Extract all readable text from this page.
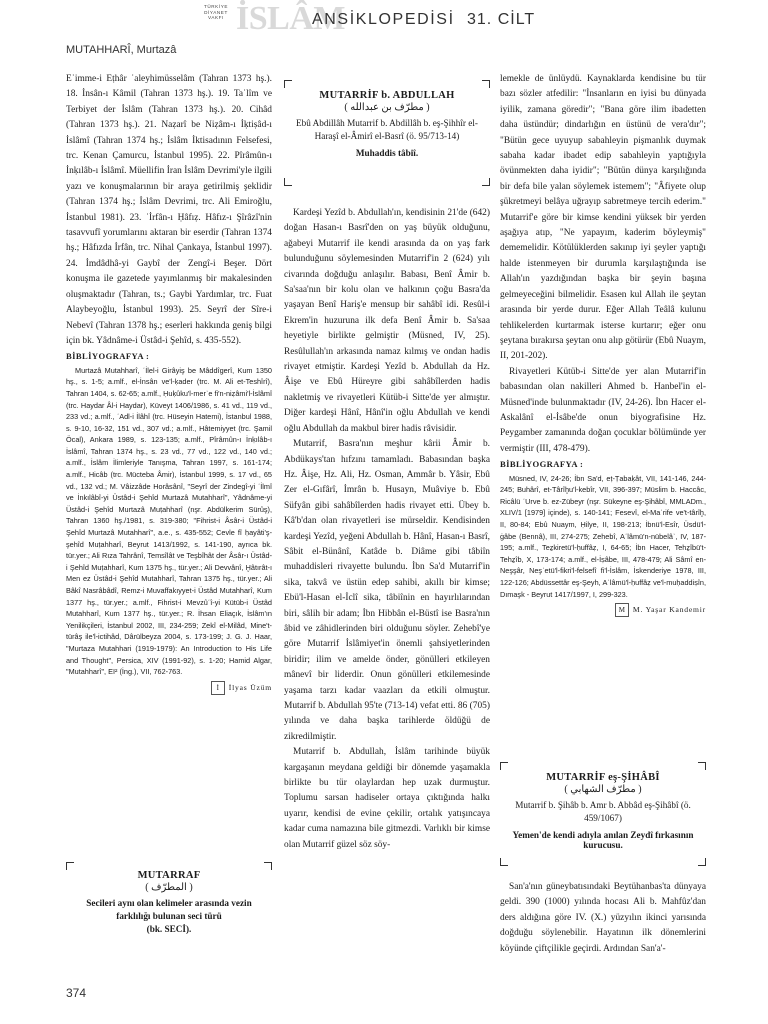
TÜRKİYE
DİYANET
VAKFI İSLÂM
ANSİKLOPEDİSİ 31. CİLT
MUTAHHARÎ, Murtazâ

Eʾimme-i Eṭhâr ʿaleyhimüsselâm (Tahran 1373 hş.). 18. İnsân-ı Kâmil (Tahran 1373 hş.). 19. Taʿlîm ve Terbiyet der İslâm (Tahran 1373 hş.). 20. Cihâd (Tahran 1373 hş.). 21. Naẓarî be Niẓâm-ı İḳtiṣâd-ı İslâmî (Tahran 1374 hş.; İslâm İktisadının Felsefesi, trc. Kenan Çamurcu, İstanbul 1995). 22. Pîrâmûn-ı İnḳılâb-ı İslâmî. Müellifin İran İslâm Devrimi'yle ilgili yazı ve konuşmalarının bir araya getirilmiş şeklidir (Tahran 1374 hş.; İslâm Devrimi, trc. Ali Emiroğlu, İstanbul 1981). 23. ʿİrfân-ı Ḥâfıẓ. Hâfız-ı Şîrâzî'nin tasavvufî yorumlarını aktaran bir eserdir (Tahran 1374 hş.; Hâfızda İrfân, trc. Nihal Çankaya, İstanbul 1997). 24. İmdâdhâ-yi Gaybî der Zengî-i Beşer. Dört konuşma ile gazetede yayımlanmış bir makalesinden oluşmaktadır (Tahran, ts.; Gaybi Yardımlar, trc. Fuat Alaybeyoğlu, İstanbul 1993). 25. Seyrî der Sîre-i Nebevî (Tahran 1378 hş.; eserleri hakkında geniş bilgi için bk. Yâdnâme-i Üstâd-i Şehîd, s. 435-552).

BİBLİYOGRAFYA :

Murtazâ Mutahharî, ʿİlel-i Girâyiş be Mâddîgerî, Kum 1350 hş., s. 1-5; a.mlf., el-İnsân ve'l-ḳader (trc. M. Ali et-Teshîrî), Tahran 1404, s. 62-65; a.mlf., Ḥuḳûku'l-merʾe fi'n-niẓâmi'l-İslâmî (trc. Haydar Âl-i Haydar), Küveyt 1406/1986, s. 41 vd., 119 vd., 233 vd.; a.mlf., ʿAdl-i İlâhî (trc. Hüseyin Hatemi), İstanbul 1988, s. 9-10, 16-32, 151 vd., 307 vd.; a.mlf., Hâtemiyyet (trc. Şamil Öcal), Ankara 1989, s. 123-135; a.mlf., Pîrâmûn-ı İnḳılâb-ı İslâmî, Tahran 1374 hş., s. 23 vd., 77 vd., 122 vd., 140 vd.; a.mlf., İslâm İlimleriyle Tanışma, Tahran 1997, s. 161-174; a.mlf., Hicâb (trc. Mücteba Âmir), İstanbul 1999, s. 17 vd., 65 vd., 132 vd.; M. Vâizzâde Horâsânî, "Seyrî der Zindegî-yi ʿİlmî ve İnkılâbî-yi Üstâd-i Şehîd Murtazâ Mutahharî", Yâdnâme-yi Üstâd-i Şehîd Murtazâ Muṭahharî (nşr. Abdülkerim Sürûş), Tahran 1360 hş./1981, s. 319-380; "Fihrist-i Âsâr-i Üstâd-i Şehîd Murtazâ Mutahharî", a.e., s. 435-552; Cevle fî ḥayâti'ş-şehîd Muṭahharî, Beyrut 1413/1992, s. 141-190, ayrıca bk. tür.yer.; Ali Rıza Tahrânî, Temsîlât ve Teşbîhât der Âsâr-ı Üstâd-i Şehîd Muṭahharî, Kum 1375 hş., tür.yer.; Ali Devvânî, Ḫâtırât-ı Men ez Üstâd-i Şehîd Mutahharî, Tahran 1375 hş., tür.yer.; Ali Bâkî Nasrâbâdî, Remz-i Muvaffakıyyet-i Üstâd Mutahharî, Kum 1377 hş., tür.yer.; a.mlf., Fihrist-i Mevzûʿî-yi Kütüb-i Üstâd Mutahharî, Kum 1377 hş., tür.yer.; R. İhsan Eliaçık, İslâm'ın Yenilikçileri, İstanbul 2002, III, 234-259; Zekî el-Milâd, Mine't-türâş ile'l-ictihâd, Dârülbeyza 2004, s. 173-199; J. G. J. Haar, "Murtaza Mutahhari (1919-1979): An Introduction to His Life and Thought", Persica, XIV (1991-92), s. 1-20; Hamid Algar, "Mutahharî", EI² (İng.), VII, 762-763.

İ İlyas Üzüm
MUTARRAF
( المطرّف )
Secileri aynı olan kelimeler arasında vezin farklılığı bulunan seci türü
(bk. SECİ).
MUTARRİF b. ABDULLAH
( مطرّف بن عبدالله )
Ebû Abdillâh Mutarrif b. Abdillâh b. eş-Şihhîr el-Haraşî el-Âmirî el-Basrî (ö. 95/713-14)
Muhaddis tâbiî.

Kardeşi Yezîd b. Abdullah'ın, kendisinin 21'de (642) doğan Hasan-ı Basrî'den on yaş büyük olduğunu, ağabeyi Mutarrif ile kendi arasında da on yaş fark bulunduğunu söylemesinden Mutarrif'in 2 (624) yılı civarında doğduğu anlaşılır. Babası, Benî Âmir b. Sa'saa'nın bir kolu olan ve halkının çoğu Basra'da yaşayan Benî Hariş'e mensup bir sahâbî idi. Resûl-i Ekrem'in huzuruna ilk defa Benî Âmir b. Sa'saa heyetiyle birlikte gelmiştir (Müsned, IV, 25). Resûlullah'ın arkasında namaz kılmış ve ondan hadis rivayet etmiştir. Kardeşi Yezîd b. Abdullah da Hz. Âişe ve Ebû Hüreyre gibi sahâbîlerden hadis nakletmiş ve rivayetleri Kütüb-i Sitte'de yer almıştır. Diğer kardeşi Hânî, Hânî'in oğlu Abdullah ve kendi oğlu Abdullah da makbul birer hadis râvisidir.

Mutarrif, Basra'nın meşhur kârii Âmir b. Abdükays'tan hıfzını tamamladı. Babasından başka Hz. Âişe, Hz. Ali, Hz. Osman, Ammâr b. Yâsir, Ebû Zer el-Gıfârî, İmrân b. Husayn, Muâviye b. Ebû Süfyân gibi sahâbîlerden hadis rivayet etti. Übey b. Kâ'b'dan olan rivayetleri ise mürseldir. Kendisinden kardeşi Yezîd, yeğeni Abdullah b. Hânî, Hasan-ı Basrî, Sâbit el-Bünânî, Katâde b. Diâme gibi tâbiîn muhaddisleri rivayette bulundu. İbn Sa'd Mutarrif'in sika, takvâ ve üstün edep sahibi, akıllı bir kimse; Ebü'l-Hasan el-İclî sika, tâbiînin en hayırlılarından biri, sâlih bir adam; İbn Hibbân el-Büstî ise Basra'nın âbid ve zâhidlerinden biri olduğunu söyler. Zehebî'ye göre Mutarrif İslâmiyet'in önemli şahsiyetlerinden biridir; ilim ve amelde önder, gönülleri etkileyen mânevî bir liderdir. Onun gönülleri etkilemesinde yaşama tarzı kadar vaazları da etkili olmuştur. Mutarrif b. Abdullah 95'te (713-14) vefat etti. 86 (705) yılında ve daha başka tarihlerde öldüğü de zikredilmiştir.

Mutarrif b. Abdullah, İslâm tarihinde büyük kargaşanın meydana geldiği bir dönemde yaşamakla birlikte bu tür olaylardan hep uzak durmuştur. Toplumu sarsan hadiseler ortaya çıktığında halkı uyarır, kendisi de evine çekilir, ortalık yatışıncaya kadar cuma namazına bile gitmezdi. Varlıklı bir kimse olan Mutarrif güzel söz söy-

lemekle de ünlüydü. Kaynaklarda kendisine bu tür bazı sözler atfedilir: "İnsanların en iyisi bu dünyada iyilik, zamana göredir"; "Bana göre ilim ibadetten daha üstündür; dindarlığın en üstünü de vera'dır"; "Bütün gece uyuyup sabahleyin pişmanlık duymak sabaha kadar ibadet edip sabahleyin yaptığıyla övünmekten daha iyidir"; "Bütün dünya karşılığında bir defa bile yalan söylemek istemem"; "Âfiyete olup şükretmeyi belâya uğrayıp sabretmeye tercih ederim." Mutarrif'e göre bir kimse kendini yüksek bir yerden aşağıya atıp, "Ne yapayım, kaderim böyleymiş" dememelidir. Kötülüklerden sakınıp iyi şeyler yaptığı halde istenmeyen bir durumla karşılaştığında ise Allah'ın yazdığından başka bir şeyin başına gelmeyeceğini bilmelidir. Esasen kul Allah ile şeytan arasında bir yerde durur. Eğer Allah Teâlâ kulunu tehlikelerden kurtarmak isterse kurtarır; eğer onu şeytana bırakırsa şeytan onu alıp götürür (Ebû Nuaym, II, 201-202).

Rivayetleri Kütüb-i Sitte'de yer alan Mutarrif'in babasından olan nakilleri Ahmed b. Hanbel'in el-Müsned'inde bulunmaktadır (IV, 24-26). İbn Hacer el-Askalânî el-İsâbe'de onun biyografisine Hz. Peygamber zamanında doğan çocuklar bölümünde yer vermiştir (III, 478-479).

BİBLİYOGRAFYA :

Müsned, IV, 24-26; İbn Sa'd, eṭ-Ṭabaḳât, VII, 141-146, 244-245; Buhârî, et-Târîḫu'l-kebîr, VII, 396-397; Müslim b. Haccâc, Ricâlü ʿUrve b. ez-Zübeyr (nşr. Sükeyne eş-Şihâbî, MMLADm., XLIV/1 [1979] içinde), s. 140-141; Fesevî, el-Maʿrife ve't-târîḫ, II, 80-84; Ebû Nuaym, Ḥilye, II, 198-213; İbnü'l-Esîr, Üsdü'l-ġâbe (Bennâ), III, 274-275; Zehebî, Aʿlâmü'n-nübelâʾ, IV, 187-195; a.mlf., Teẕkiretü'l-ḥuffâẓ, I, 64-65; İbn Hacer, Tehẕîbü't-Tehẕîb, X, 173-174; a.mlf., el-İṣâbe, III, 478-479; Ali Sâmî en-Neşşâr, Neşʾetü'l-fikri'l-felsefî fi'l-İslâm, İskenderiye 1978, III, 122-126; Abdüssettâr eş-Şeyh, Aʿlâmü'l-ḥuffâẓ ve'l-muḥaddiṣîn, Dımaşk - Beyrut 1417/1997, I, 299-323.

M M. Yaşar Kandemir
MUTARRİF eş-ŞİHÂBÎ
( مطرّف الشهابي )
Mutarrif b. Şihâb b. Amr b. Abbâd eş-Şihâbî (ö. 459/1067)
Yemen'de kendi adıyla anılan Zeydî fırkasının kurucusu.

San'a'nın güneybatısındaki Beytühanbas'ta dünyaya geldi. 390 (1000) yılında hocası Ali b. Mahfûz'dan ders aldığına göre IV. (X.) yüzyılın ikinci yarısında doğduğu söylenebilir. Hayatının ilk dönemlerini köyünde çiftçilikle geçirdi. Ardından San'a'-

374
